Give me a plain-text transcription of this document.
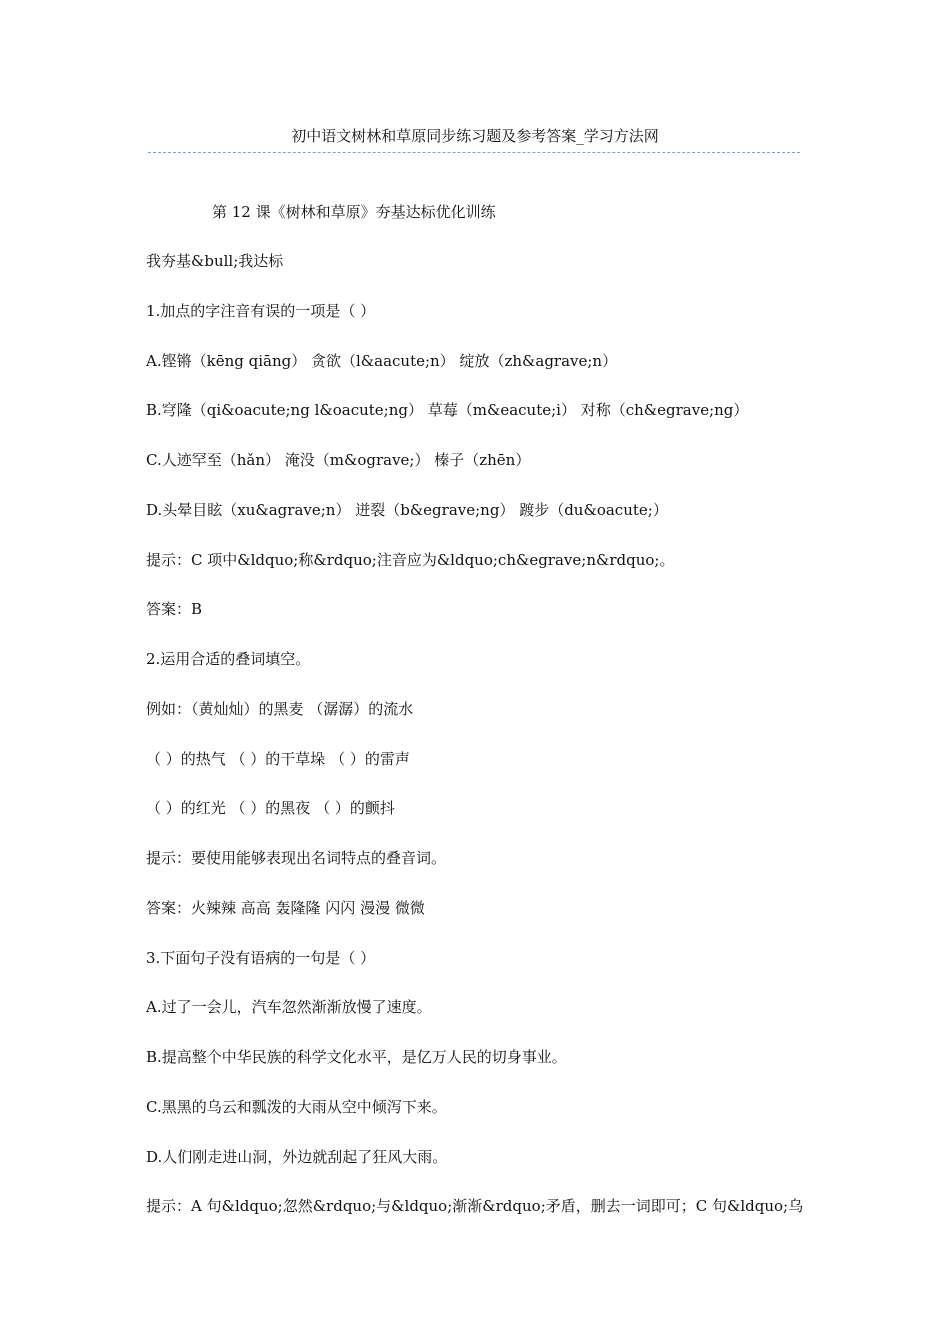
初中语文树林和草原同步练习题及参考答案_学习方法网
第 12 课《树林和草原》夯基达标优化训练
我夯基&bull;我达标
1.加点的字注音有误的一项是（ ）
A.铿锵（kēng qiāng） 贪欲（l&aacute;n） 绽放（zh&agrave;n）
B.穹隆（qi&oacute;ng l&oacute;ng） 草莓（m&eacute;i） 对称（ch&egrave;ng）
C.人迹罕至（hǎn） 淹没（m&ograve;） 榛子（zhēn）
D.头晕目眩（xu&agrave;n） 迸裂（b&egrave;ng） 踱步（du&oacute;）
提示：C 项中&ldquo;称&rdquo;注音应为&ldquo;ch&egrave;n&rdquo;。
答案：B
2.运用合适的叠词填空。
例如：（黄灿灿）的黑麦 （潺潺）的流水
（ ）的热气 （ ）的干草垛 （ ）的雷声
（ ）的红光 （ ）的黑夜 （ ）的颤抖
提示：要使用能够表现出名词特点的叠音词。
答案：火辣辣 高高 轰隆隆 闪闪 漫漫 微微
3.下面句子没有语病的一句是（ ）
A.过了一会儿，汽车忽然渐渐放慢了速度。
B.提高整个中华民族的科学文化水平，是亿万人民的切身事业。
C.黑黑的乌云和瓢泼的大雨从空中倾泻下来。
D.人们刚走进山洞，外边就刮起了狂风大雨。
提示：A 句&ldquo;忽然&rdquo;与&ldquo;渐渐&rdquo;矛盾，删去一词即可；C 句&ldquo;乌
